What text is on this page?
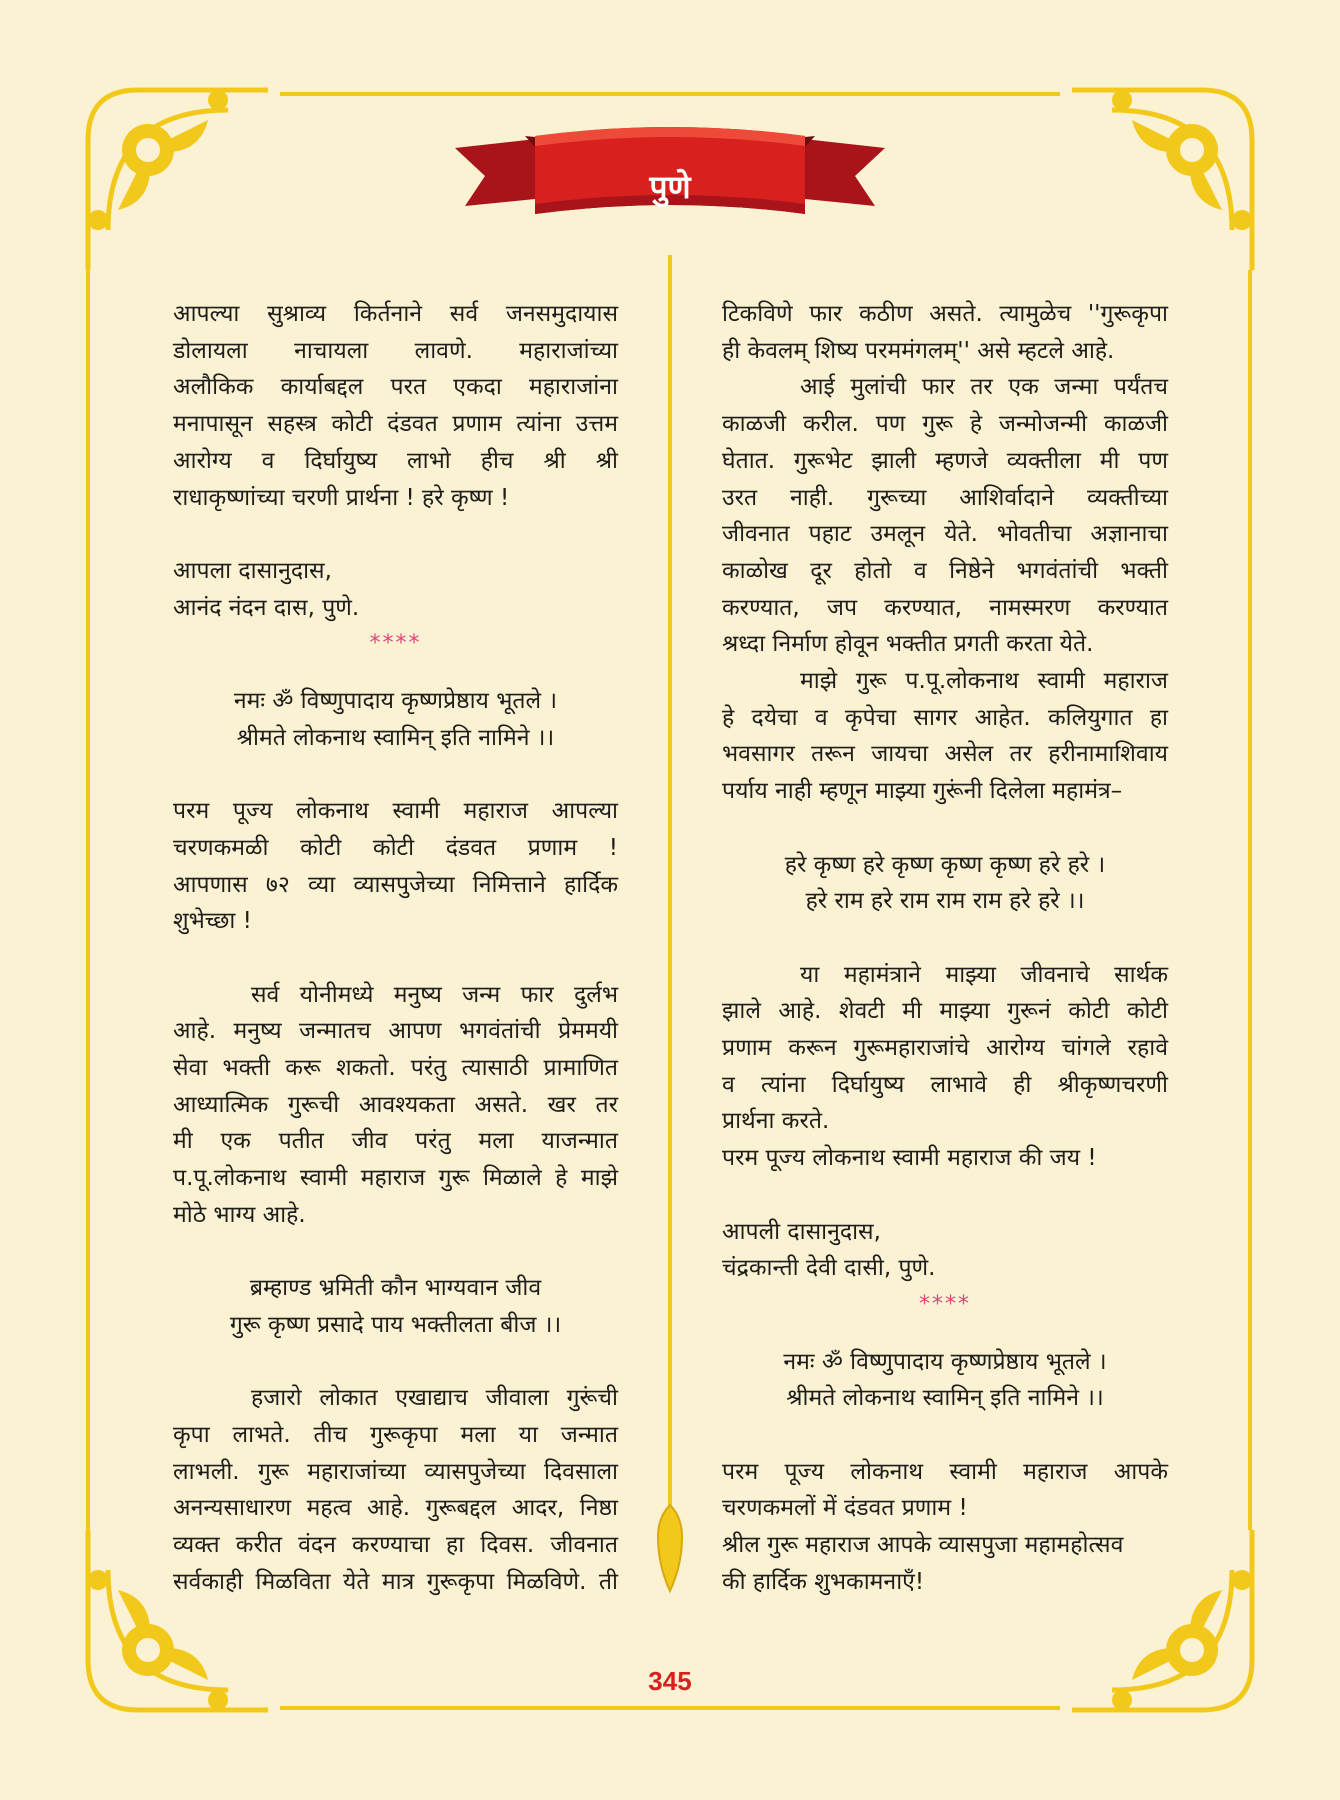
पुणे

आपल्या सुश्राव्य किर्तनाने सर्व जनसमुदायास

डोलायला नाचायला लावणे. महाराजांच्या

अलौकिक कार्याबद्दल परत एकदा महाराजांना

मनापासून सहस्त्र कोटी दंडवत प्रणाम त्यांना उत्तम

आरोग्य व दिर्घायुष्य लाभो हीच श्री श्री

राधाकृष्णांच्या चरणी प्रार्थना ! हरे कृष्ण !

आपला दासानुदास,

आनंद नंदन दास, पुणे.

****

नमः ॐ विष्णुपादाय कृष्णप्रेष्ठाय भूतले ।

श्रीमते लोकनाथ स्वामिन् इति नामिने ।।

परम पूज्य लोकनाथ स्वामी महाराज आपल्या

चरणकमळी कोटी कोटी दंडवत प्रणाम !

आपणास ७२ व्या व्यासपुजेच्या निमित्ताने हार्दिक

शुभेच्छा !

सर्व योनीमध्ये मनुष्य जन्म फार दुर्लभ

आहे. मनुष्य जन्मातच आपण भगवंतांची प्रेममयी

सेवा भक्ती करू शकतो. परंतु त्यासाठी प्रामाणित

आध्यात्मिक गुरूची आवश्यकता असते. खर तर

मी एक पतीत जीव परंतु मला याजन्मात

प.पू.लोकनाथ स्वामी महाराज गुरू मिळाले हे माझे

मोठे भाग्य आहे.

ब्रम्हाण्ड भ्रमिती कौन भाग्यवान जीव

गुरू कृष्ण प्रसादे पाय भक्तीलता बीज ।।

हजारो लोकात एखाद्याच जीवाला गुरूंची

कृपा लाभते. तीच गुरूकृपा मला या जन्मात

लाभली. गुरू महाराजांच्या व्यासपुजेच्या दिवसाला

अनन्यसाधारण महत्व आहे. गुरूबद्दल आदर, निष्ठा

व्यक्त करीत वंदन करण्याचा हा दिवस. जीवनात

सर्वकाही मिळविता येते मात्र गुरूकृपा मिळविणे. ती

टिकविणे फार कठीण असते. त्यामुळेच ''गुरूकृपा

ही केवलम् शिष्य परममंगलम्'' असे म्हटले आहे.

आई मुलांची फार तर एक जन्मा पर्यंतच

काळजी करील. पण गुरू हे जन्मोजन्मी काळजी

घेतात. गुरूभेट झाली म्हणजे व्यक्तीला मी पण

उरत नाही. गुरूच्या आशिर्वादाने व्यक्तीच्या

जीवनात पहाट उमलून येते. भोवतीचा अज्ञानाचा

काळोख दूर होतो व निष्ठेने भगवंतांची भक्ती

करण्यात, जप करण्यात, नामस्मरण करण्यात

श्रध्दा निर्माण होवून भक्तीत प्रगती करता येते.

माझे गुरू प.पू.लोकनाथ स्वामी महाराज

हे दयेचा व कृपेचा सागर आहेत. कलियुगात हा

भवसागर तरून जायचा असेल तर हरीनामाशिवाय

पर्याय नाही म्हणून माझ्या गुरूंनी दिलेला महामंत्र–

हरे कृष्ण हरे कृष्ण कृष्ण कृष्ण हरे हरे ।

हरे राम हरे राम राम राम हरे हरे ।।

या महामंत्राने माझ्या जीवनाचे सार्थक

झाले आहे. शेवटी मी माझ्या गुरूनं कोटी कोटी

प्रणाम करून गुरूमहाराजांचे आरोग्य चांगले रहावे

व त्यांना दिर्घायुष्य लाभावे ही श्रीकृष्णचरणी

प्रार्थना करते.

परम पूज्य लोकनाथ स्वामी महाराज की जय !

आपली दासानुदास,

चंद्रकान्ती देवी दासी, पुणे.

****

नमः ॐ विष्णुपादाय कृष्णप्रेष्ठाय भूतले ।

श्रीमते लोकनाथ स्वामिन् इति नामिने ।।

परम पूज्य लोकनाथ स्वामी महाराज आपके

चरणकमलों में दंडवत प्रणाम !

श्रील गुरू महाराज आपके व्यासपुजा महामहोत्सव

की हार्दिक शुभकामनाएँ!

345
